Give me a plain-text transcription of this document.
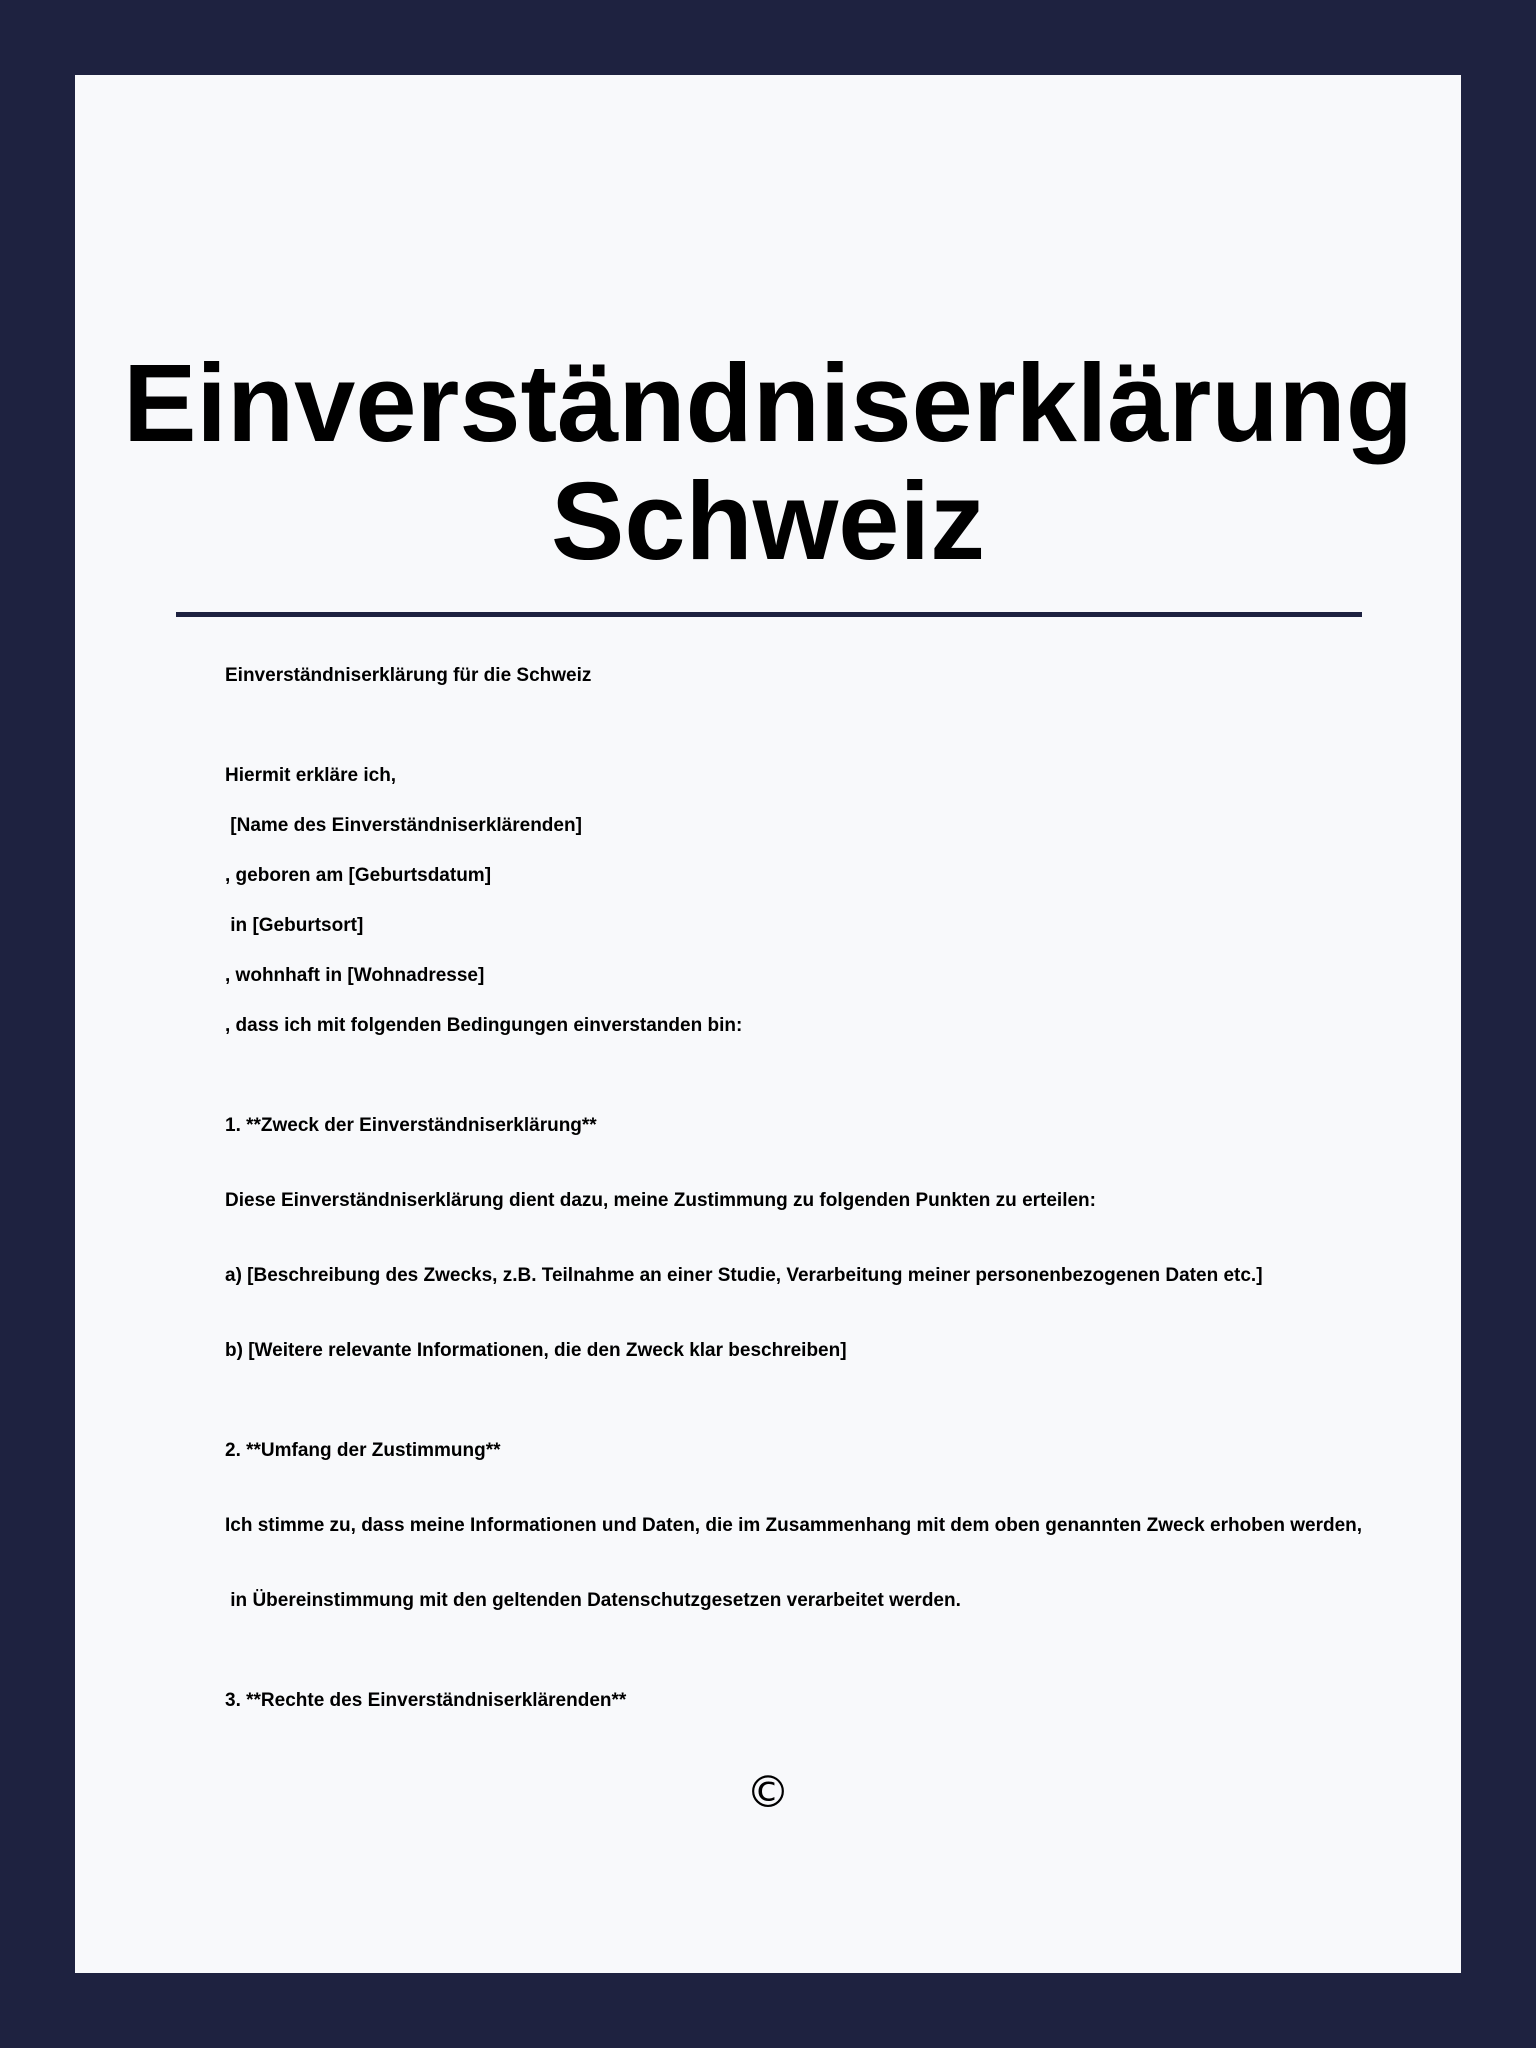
Einverständniserklärung
Schweiz

Einverständniserklärung für die Schweiz

Hiermit erkläre ich,

[Name des Einverständniserklärenden]

, geboren am [Geburtsdatum]

in [Geburtsort]

, wohnhaft in [Wohnadresse]

, dass ich mit folgenden Bedingungen einverstanden bin:

1. **Zweck der Einverständniserklärung**

Diese Einverständniserklärung dient dazu, meine Zustimmung zu folgenden Punkten zu erteilen:

a) [Beschreibung des Zwecks, z.B. Teilnahme an einer Studie, Verarbeitung meiner personenbezogenen Daten etc.]

b) [Weitere relevante Informationen, die den Zweck klar beschreiben]

2. **Umfang der Zustimmung**

Ich stimme zu, dass meine Informationen und Daten, die im Zusammenhang mit dem oben genannten Zweck erhoben werden,

in Übereinstimmung mit den geltenden Datenschutzgesetzen verarbeitet werden.

3. **Rechte des Einverständniserklärenden**

©
